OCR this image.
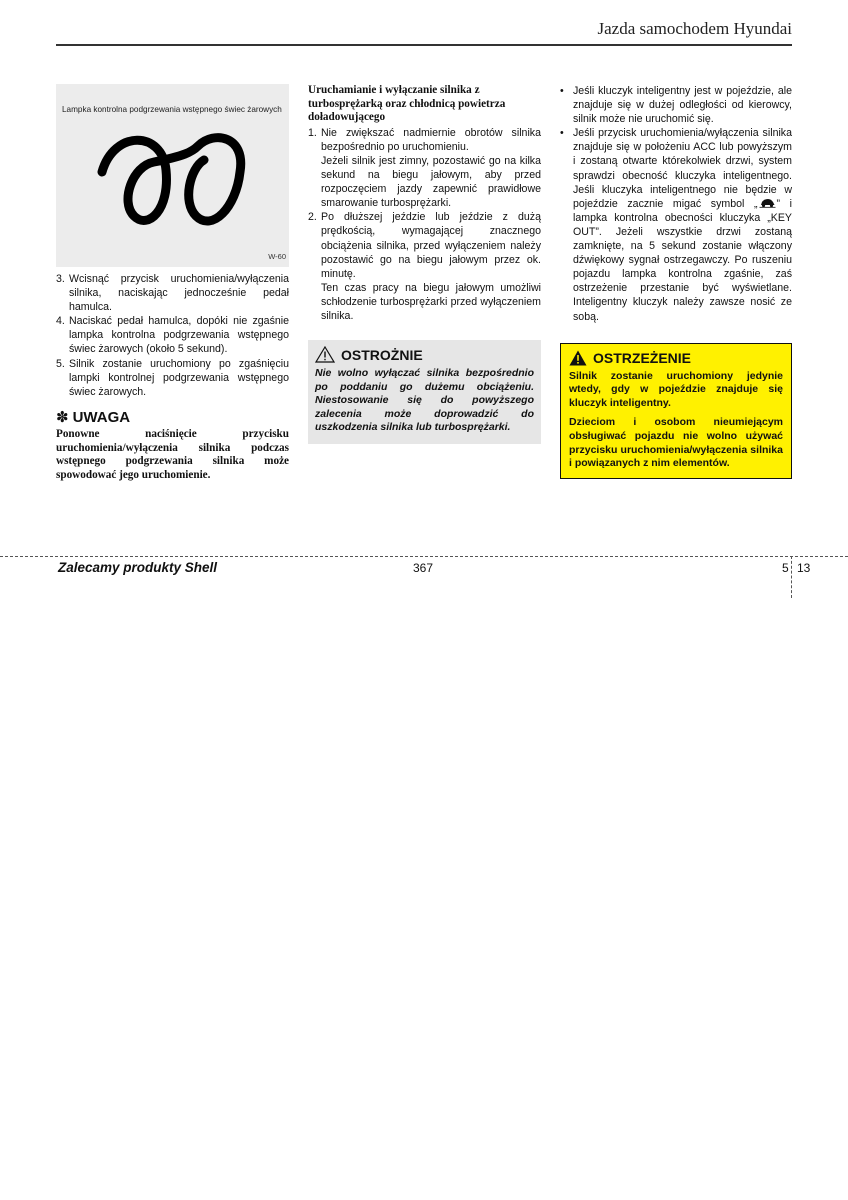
Jazda samochodem Hyundai
Lampka kontrolna podgrzewania wstępnego świec żarowych
W-60
3. Wcisnąć przycisk uruchomienia/wyłączenia silnika, naciskając jednocześnie pedał hamulca.
4. Naciskać pedał hamulca, dopóki nie zgaśnie lampka kontrolna podgrzewania wstępnego świec żarowych (około 5 sekund).
5. Silnik zostanie uruchomiony po zgaśnięciu lampki kontrolnej podgrzewania wstępnego świec żarowych.
✽ UWAGA
Ponowne naciśnięcie przycisku uruchomienia/wyłączenia silnika podczas wstępnego podgrzewania silnika może spowodować jego uruchomienie.
Uruchamianie i wyłączanie silnika z turbosprężarką oraz chłodnicą powietrza doładowującego
1. Nie zwiększać nadmiernie obrotów silnika bezpośrednio po uruchomieniu.

Jeżeli silnik jest zimny, pozostawić go na kilka sekund na biegu jałowym, aby przed rozpoczęciem jazdy zapewnić prawidłowe smarowanie turbosprężarki.

2. Po dłuższej jeździe lub jeździe z dużą prędkością, wymagającej znacznego obciążenia silnika, przed wyłączeniem należy pozostawić go na biegu jałowym przez ok. minutę.

Ten czas pracy na biegu jałowym umożliwi schłodzenie turbosprężarki przed wyłączeniem silnika.

OSTROŻNIE
Nie wolno wyłączać silnika bezpośrednio po poddaniu go dużemu obciążeniu. Niestosowanie się do powyższego zalecenia może doprowadzić do uszkodzenia silnika lub turbosprężarki.
• Jeśli kluczyk inteligentny jest w pojeździe, ale znajduje się w dużej odległości od kierowcy, silnik może nie uruchomić się.
• Jeśli przycisk uruchomienia/wyłączenia silnika znajduje się w położeniu ACC lub powyższym i zostaną otwarte którekolwiek drzwi, system sprawdzi obecność kluczyka inteligentnego. Jeśli kluczyka inteligentnego nie będzie w pojeździe zacznie migać symbol „ ” i lampka kontrolna obecności kluczyka „KEY OUT”. Jeżeli wszystkie drzwi zostaną zamknięte, na 5 sekund zostanie włączony dźwiękowy sygnał ostrzegawczy. Po ruszeniu pojazdu lampka kontrolna zgaśnie, zaś ostrzeżenie przestanie być wyświetlane. Inteligentny kluczyk należy zawsze nosić ze sobą.
OSTRZEŻENIE

Silnik zostanie uruchomiony jedynie wtedy, gdy w pojeździe znajduje się kluczyk inteligentny.

Dzieciom i osobom nieumiejącym obsługiwać pojazdu nie wolno używać przycisku uruchomienia/wyłączenia silnika i powiązanych z nim elementów.

Zalecamy produkty Shell	367	5 13
